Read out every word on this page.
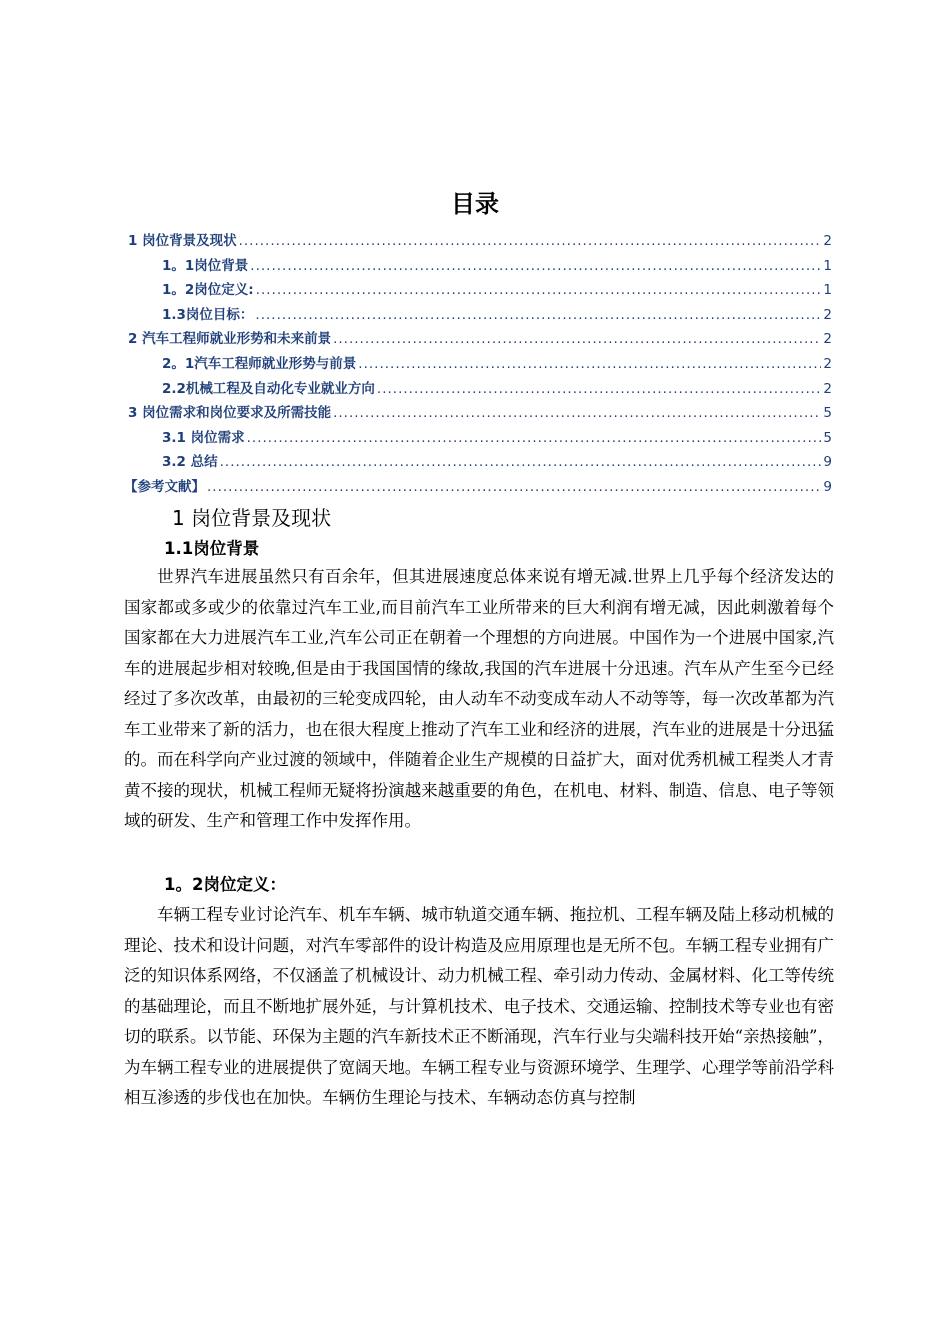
目录
1 岗位背景及现状 .....	2
1。1岗位背景 .....	1
1。2岗位定义: .....	1
1.3岗位目标： .....	2
2 汽车工程师就业形势和未来前景 .....	2
2。1汽车工程师就业形势与前景 .....	2
2.2机械工程及自动化专业就业方向 .....	2
3 岗位需求和岗位要求及所需技能 .....	5
3.1 岗位需求 .....	5
3.2 总结 .....	9
【参考文献】 .....	9
1 岗位背景及现状
1.1岗位背景
世界汽车进展虽然只有百余年，但其进展速度总体来说有增无减.世界上几乎每个经济发达的国家都或多或少的依靠过汽车工业,而目前汽车工业所带来的巨大利润有增无减，因此刺激着每个国家都在大力进展汽车工业,汽车公司正在朝着一个理想的方向进展。中国作为一个进展中国家,汽车的进展起步相对较晚,但是由于我国国情的缘故,我国的汽车进展十分迅速。汽车从产生至今已经经过了多次改革，由最初的三轮变成四轮，由人动车不动变成车动人不动等等，每一次改革都为汽车工业带来了新的活力，也在很大程度上推动了汽车工业和经济的进展，汽车业的进展是十分迅猛的。而在科学向产业过渡的领域中，伴随着企业生产规模的日益扩大，面对优秀机械工程类人才青黄不接的现状，机械工程师无疑将扮演越来越重要的角色，在机电、材料、制造、信息、电子等领域的研发、生产和管理工作中发挥作用。
1。2岗位定义：
车辆工程专业讨论汽车、机车车辆、城市轨道交通车辆、拖拉机、工程车辆及陆上移动机械的理论、技术和设计问题，对汽车零部件的设计构造及应用原理也是无所不包。车辆工程专业拥有广泛的知识体系网络，不仅涵盖了机械设计、动力机械工程、牵引动力传动、金属材料、化工等传统的基础理论，而且不断地扩展外延，与计算机技术、电子技术、交通运输、控制技术等专业也有密切的联系。以节能、环保为主题的汽车新技术正不断涌现，汽车行业与尖端科技开始“亲热接触”，为车辆工程专业的进展提供了宽阔天地。车辆工程专业与资源环境学、生理学、心理学等前沿学科相互渗透的步伐也在加快。车辆仿生理论与技术、车辆动态仿真与控制
